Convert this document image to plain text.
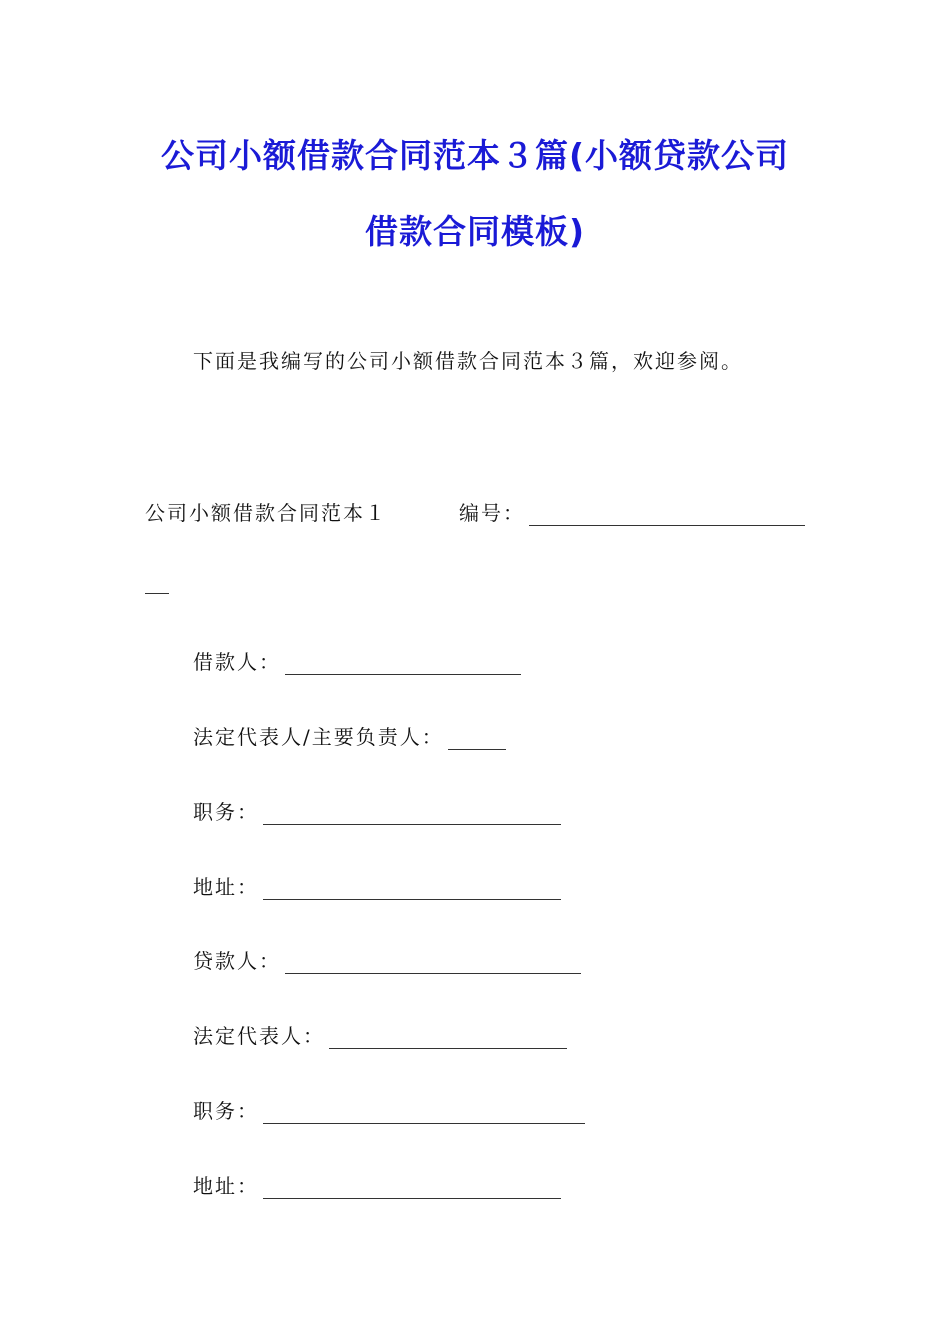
公司小额借款合同范本３篇(小额贷款公司
借款合同模板)
下面是我编写的公司小额借款合同范本３篇，欢迎参阅。
公司小额借款合同范本１	编号：
借款人：
法定代表人/主要负责人：
职务：
地址：
贷款人：
法定代表人：
职务：
地址：
